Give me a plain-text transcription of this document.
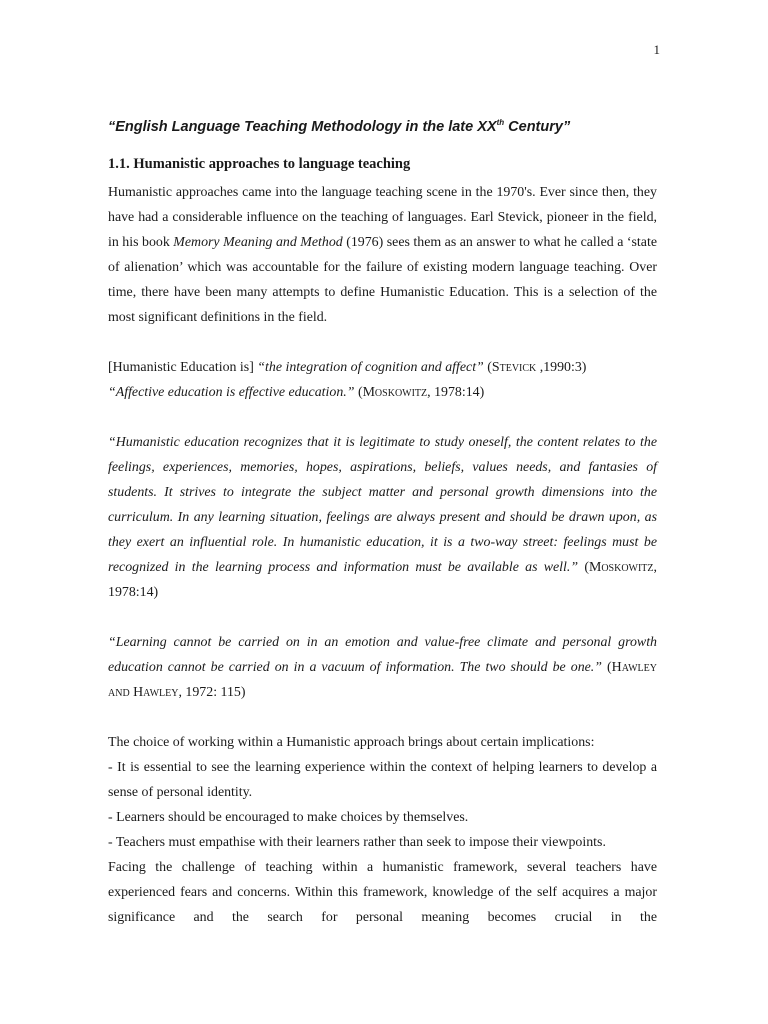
1
“English Language Teaching Methodology in the late XXth Century”
1.1. Humanistic approaches to language teaching

Humanistic approaches came into the language teaching scene in the 1970's. Ever since then, they have had a considerable influence on the teaching of languages. Earl Stevick, pioneer in the field, in his book Memory Meaning and Method (1976) sees them as an answer to what he called a ‘state of alienation’ which was accountable for the failure of existing modern language teaching. Over time, there have been many attempts to define Humanistic Education. This is a selection of the most significant definitions in the field.

[Humanistic Education is] “the integration of cognition and affect” (Stevick ,1990:3)

“Affective education is effective education.” (Moskowitz, 1978:14)

“Humanistic education recognizes that it is legitimate to study oneself, the content relates to the feelings, experiences, memories, hopes, aspirations, beliefs, values needs, and fantasies of students. It strives to integrate the subject matter and personal growth dimensions into the curriculum. In any learning situation, feelings are always present and should be drawn upon, as they exert an influential role. In humanistic education, it is a two-way street: feelings must be recognized in the learning process and information must be available as well.” (Moskowitz, 1978:14)

“Learning cannot be carried on in an emotion and value-free climate and personal growth education cannot be carried on in a vacuum of information. The two should be one.” (Hawley and Hawley, 1972: 115)

The choice of working within a Humanistic approach brings about certain implications:

- It is essential to see the learning experience within the context of helping learners to develop a sense of personal identity.

- Learners should be encouraged to make choices by themselves.

- Teachers must empathise with their learners rather than seek to impose their viewpoints.

Facing the challenge of teaching within a humanistic framework, several teachers have experienced fears and concerns. Within this framework, knowledge of the self acquires a major significance and the search for personal meaning becomes crucial in the
